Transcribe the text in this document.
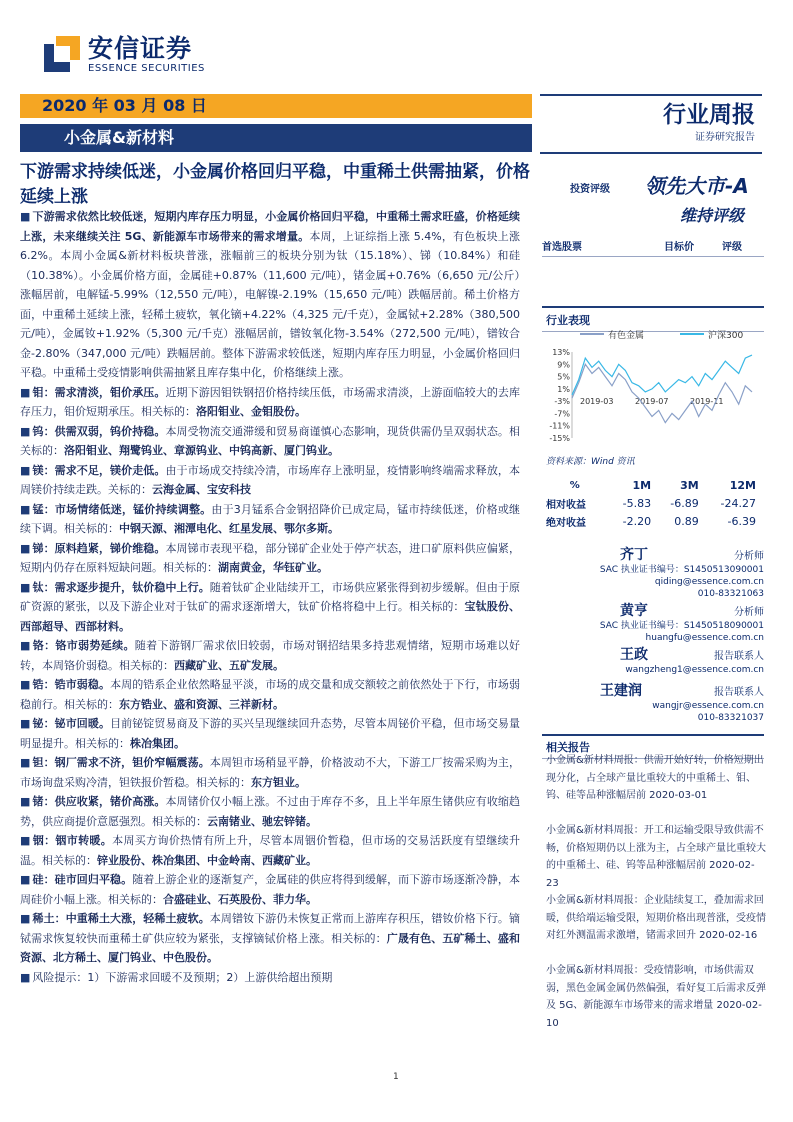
安信证券
ESSENCE SECURITIES
2020 年 03 月 08 日
小金属&新材料
行业周报
证券研究报告
下游需求持续低迷，小金属价格回归平稳，中重稀土供需抽紧，价格延续上涨

■ 下游需求依然比较低迷，短期内库存压力明显，小金属价格回归平稳，中重稀土需求旺盛，价格延续上涨，未来继续关注 5G、新能源车市场带来的需求增量。本周，上证综指上涨 5.4%，有色板块上涨 6.2%。本周小金属&新材料板块普涨，涨幅前三的板块分别为钛（15.18%）、锑（10.84%）和硅（10.38%）。小金属价格方面，金属硅+0.87%（11,600 元/吨），锗金属+0.76%（6,650 元/公斤）涨幅居前，电解锰-5.99%（12,550 元/吨），电解镍-2.19%（15,650 元/吨）跌幅居前。稀土价格方面，中重稀土延续上涨，轻稀土疲软，氧化镝+4.22%（4,325 元/千克），金属铽+2.28%（380,500 元/吨），金属钕+1.92%（5,300 元/千克）涨幅居前，镨钕氧化物-3.54%（272,500 元/吨），镨钕合金-2.80%（347,000 元/吨）跌幅居前。整体下游需求较低迷，短期内库存压力明显，小金属价格回归平稳。中重稀土受疫情影响供需抽紧且库存集中化，价格继续上涨。

■ 钼：需求清淡，钼价承压。近期下游因钼铁钢招价格持续压低，市场需求清淡，上游面临较大的去库存压力，钼价短期承压。相关标的：洛阳钼业、金钼股份。

■ 钨：供需双弱，钨价持稳。本周受物流交通滞缓和贸易商谨慎心态影响，现货供需仍呈双弱状态。相关标的：洛阳钼业、翔鹭钨业、章源钨业、中钨高新、厦门钨业。

■ 镁：需求不足，镁价走低。由于市场成交持续冷清，市场库存上涨明显，疫情影响终端需求释放，本周镁价持续走跌。关标的：云海金属、宝安科技

■ 锰：市场情绪低迷，锰价持续调整。由于3月锰系合金钢招降价已成定局，锰市持续低迷，价格或继续下调。相关标的：中钢天源、湘潭电化、红星发展、鄂尔多斯。

■ 锑：原料趋紧，锑价维稳。本周锑市表现平稳，部分锑矿企业处于停产状态，进口矿原料供应偏紧，短期内仍存在原料短缺问题。相关标的：湖南黄金，华钰矿业。

■ 钛：需求逐步提升，钛价稳中上行。随着钛矿企业陆续开工，市场供应紧张得到初步缓解。但由于原矿资源的紧张，以及下游企业对于钛矿的需求逐渐增大，钛矿价格将稳中上行。相关标的：宝钛股份、西部超导、西部材料。

■ 铬：铬市弱势延续。随着下游钢厂需求依旧较弱，市场对钢招结果多持悲观情绪，短期市场难以好转，本周铬价弱稳。相关标的：西藏矿业、五矿发展。

■ 锆：锆市弱稳。本周的锆系企业依然略显平淡，市场的成交量和成交额较之前依然处于下行，市场弱稳前行。相关标的：东方锆业、盛和资源、三祥新材。

■ 铋：铋市回暖。目前铋锭贸易商及下游的买兴呈现继续回升态势，尽管本周铋价平稳，但市场交易量明显提升。相关标的：株冶集团。

■ 钽：钢厂需求不济，钽价窄幅震荡。本周钽市场稍显平静，价格波动不大，下游工厂按需采购为主，市场询盘采购冷清，钽铁报价暂稳。相关标的：东方钽业。

■ 锗：供应收紧，锗价高涨。本周锗价仅小幅上涨。不过由于库存不多，且上半年原生锗供应有收缩趋势，供应商提价意愿强烈。相关标的：云南锗业、驰宏锌锗。

■ 铟：铟市转暖。本周买方询价热情有所上升，尽管本周铟价暂稳，但市场的交易活跃度有望继续升温。相关标的：锌业股份、株冶集团、中金岭南、西藏矿业。

■ 硅：硅市回归平稳。随着上游企业的逐渐复产，金属硅的供应将得到缓解，而下游市场逐渐冷静，本周硅价小幅上涨。相关标的：合盛硅业、石英股份、菲力华。

■ 稀土：中重稀土大涨，轻稀土疲软。本周镨钕下游仍未恢复正常而上游库存积压，镨钕价格下行。镝铽需求恢复较快而重稀土矿供应较为紧张，支撑镝铽价格上涨。相关标的：广晟有色、五矿稀土、盛和资源、北方稀土、厦门钨业、中色股份。

■ 风险提示：1）下游需求回暖不及预期；2）上游供给超出预期

投资评级 领先大市-A
维持评级
首选股票	目标价	评级
行业表现
有色金属	沪深300
13%
9%
5%
1%
-3%
-7%
-11%
-15%
2019-03	2019-07	2019-11
资料来源：Wind 资讯
%	1M	3M	12M
相对收益	-5.83	-6.89	-24.27
绝对收益	-2.20	0.89	-6.39
齐丁	分析师
SAC 执业证书编号：S1450513090001
qiding@essence.com.cn
010-83321063
黄亨	分析师
SAC 执业证书编号：S1450518090001
huangfu@essence.com.cn
王政	报告联系人
wangzheng1@essence.com.cn
王建润	报告联系人
wangjr@essence.com.cn
010-83321037
相关报告
小金属&新材料周报：供需开始好转，价格短期出现分化，占全球产量比重较大的中重稀土、钼、钨、硅等品种涨幅居前 2020-03-01
小金属&新材料周报：开工和运输受限导致供需不畅，价格短期仍以上涨为主，占全球产量比重较大的中重稀土、硅、钨等品种涨幅居前 2020-02-23
小金属&新材料周报：企业陆续复工，叠加需求回暖，供给端运输受限，短期价格出现普涨，受疫情对红外测温需求激增，锗需求回升 2020-02-16
小金属&新材料周报：受疫情影响，市场供需双弱，黑色金属金属仍然偏强，看好复工后需求反弹及 5G、新能源车市场带来的需求增量 2020-02-10
1
